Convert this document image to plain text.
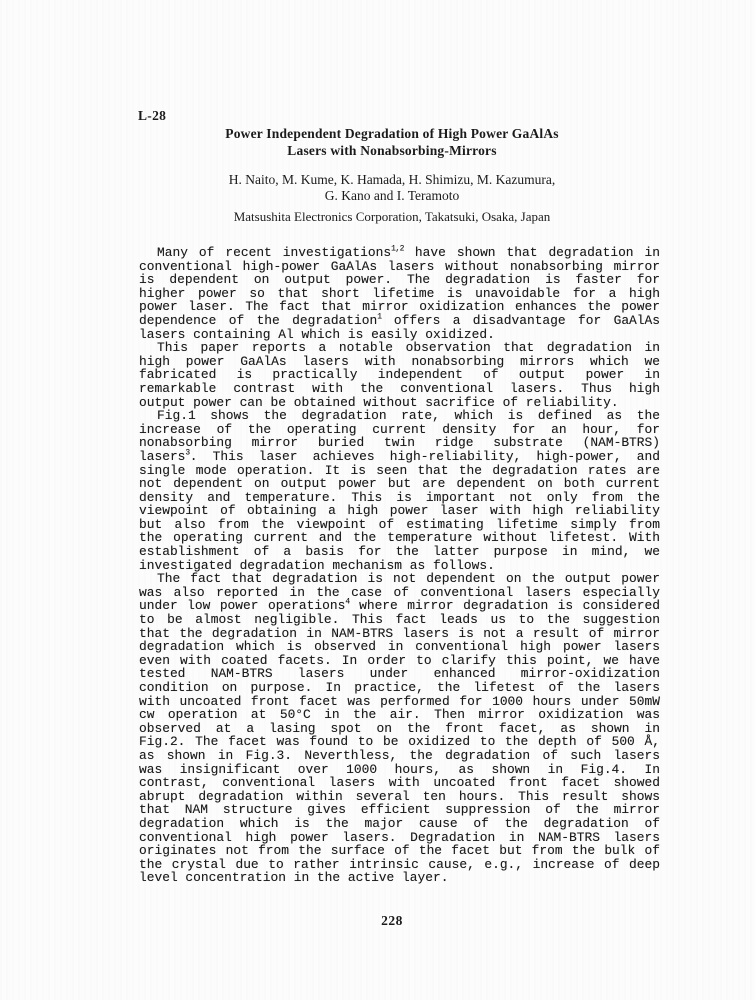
L-28
Power Independent Degradation of High Power GaAlAs
Lasers with Nonabsorbing-Mirrors
H. Naito, M. Kume, K. Hamada, H. Shimizu, M. Kazumura,
G. Kano and I. Teramoto
Matsushita Electronics Corporation, Takatsuki, Osaka, Japan
Many of recent investigations$^{1,2}$ have shown that degradation in
conventional high-power GaAlAs lasers without nonabsorbing mirror
is dependent on output power. The degradation is faster for
higher power so that short lifetime is unavoidable for a high
power laser. The fact that mirror oxidization enhances the power
dependence of the degradation$^1$ offers a disadvantage for GaAlAs
lasers containing Al which is easily oxidized.
This paper reports a notable observation that degradation in
high power GaAlAs lasers with nonabsorbing mirrors which we
fabricated is practically independent of output power in
remarkable contrast with the conventional lasers. Thus high
output power can be obtained without sacrifice of reliability.
Fig.1 shows the degradation rate, which is defined as the
increase of the operating current density for an hour, for
nonabsorbing mirror buried twin ridge substrate (NAM-BTRS)
lasers$^3$. This laser achieves high-reliability, high-power, and
single mode operation. It is seen that the degradation rates are
not dependent on output power but are dependent on both current
density and temperature. This is important not only from the
viewpoint of obtaining a high power laser with high reliability
but also from the viewpoint of estimating lifetime simply from
the operating current and the temperature without lifetest. With
establishment of a basis for the latter purpose in mind, we
investigated degradation mechanism as follows.
The fact that degradation is not dependent on the output power
was also reported in the case of conventional lasers especially
under low power operations$^4$ where mirror degradation is considered
to be almost negligible. This fact leads us to the suggestion
that the degradation in NAM-BTRS lasers is not a result of mirror
degradation which is observed in conventional high power lasers
even with coated facets. In order to clarify this point, we have
tested NAM-BTRS lasers under enhanced mirror-oxidization
condition on purpose. In practice, the lifetest of the lasers
with uncoated front facet was performed for 1000 hours under 50mW
cw operation at 50°C in the air. Then mirror oxidization was
observed at a lasing spot on the front facet, as shown in
Fig.2. The facet was found to be oxidized to the depth of 500 Å,
as shown in Fig.3. Neverthless, the degradation of such lasers
was insignificant over 1000 hours, as shown in Fig.4. In
contrast, conventional lasers with uncoated front facet showed
abrupt degradation within several ten hours. This result shows
that NAM structure gives efficient suppression of the mirror
degradation which is the major cause of the degradation of
conventional high power lasers. Degradation in NAM-BTRS lasers
originates not from the surface of the facet but from the bulk of
the crystal due to rather intrinsic cause, e.g., increase of deep
level concentration in the active layer.
228
